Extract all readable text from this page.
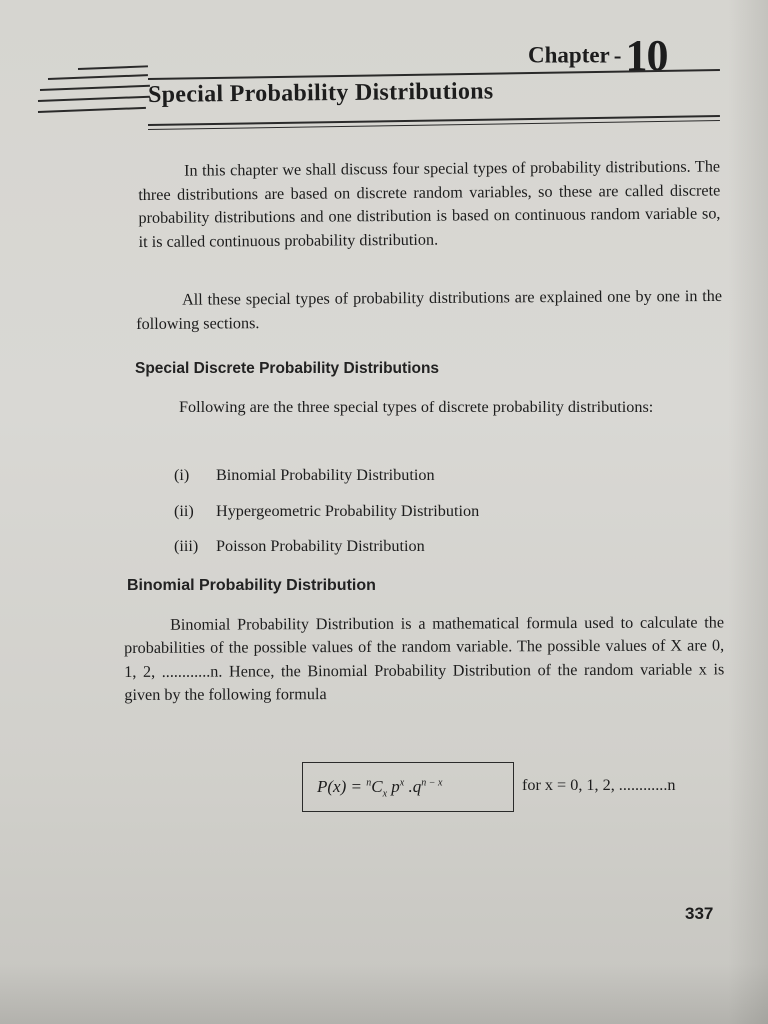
Chapter -10
Special Probability Distributions

In this chapter we shall discuss four special types of probability distributions. The three distributions are based on discrete random variables, so these are called discrete probability distributions and one distribution is based on continuous random variable so, it is called continuous probability distribution.

All these special types of probability distributions are explained one by one in the following sections.

Special Discrete Probability Distributions

Following are the three special types of discrete probability distributions:

(i) Binomial Probability Distribution
(ii) Hypergeometric Probability Distribution
(iii) Poisson Probability Distribution
Binomial Probability Distribution

Binomial Probability Distribution is a mathematical formula used to calculate the probabilities of the possible values of the random variable. The possible values of X are 0, 1, 2, ............n. Hence, the Binomial Probability Distribution of the random variable x is given by the following formula

$P(x) = ^nC_x$ $p^x$ $.q^{n - x}$	for x = 0, 1, 2, ............n
337
